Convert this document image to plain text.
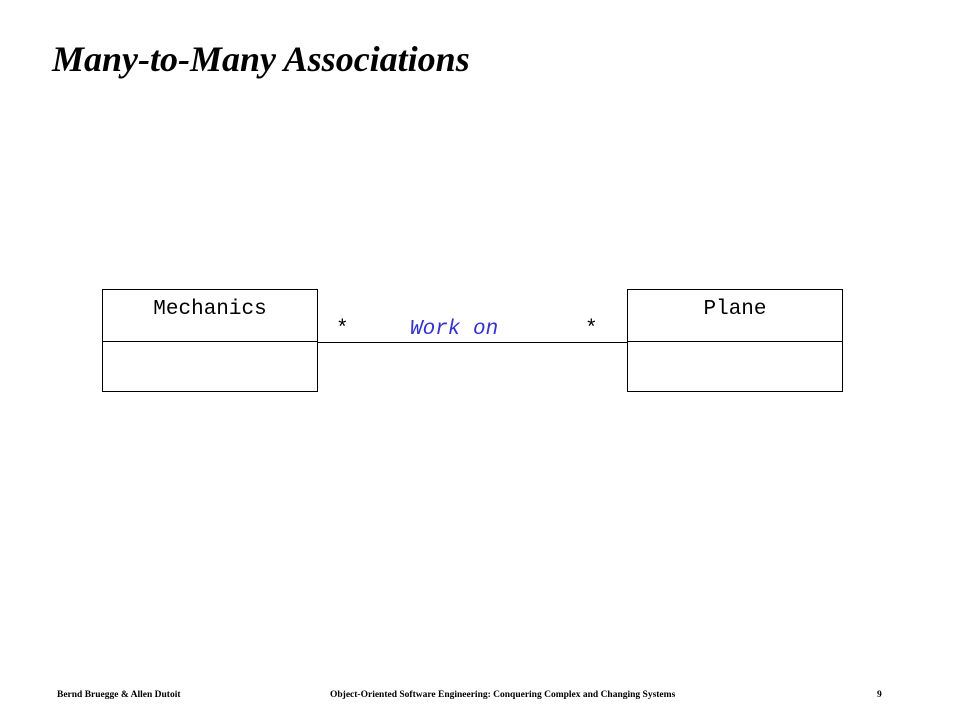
Many-to-Many Associations
Mechanics
*	Work on	*
Plane
Bernd Bruegge & Allen Dutoit	Object-Oriented Software Engineering: Conquering Complex and Changing Systems	9
